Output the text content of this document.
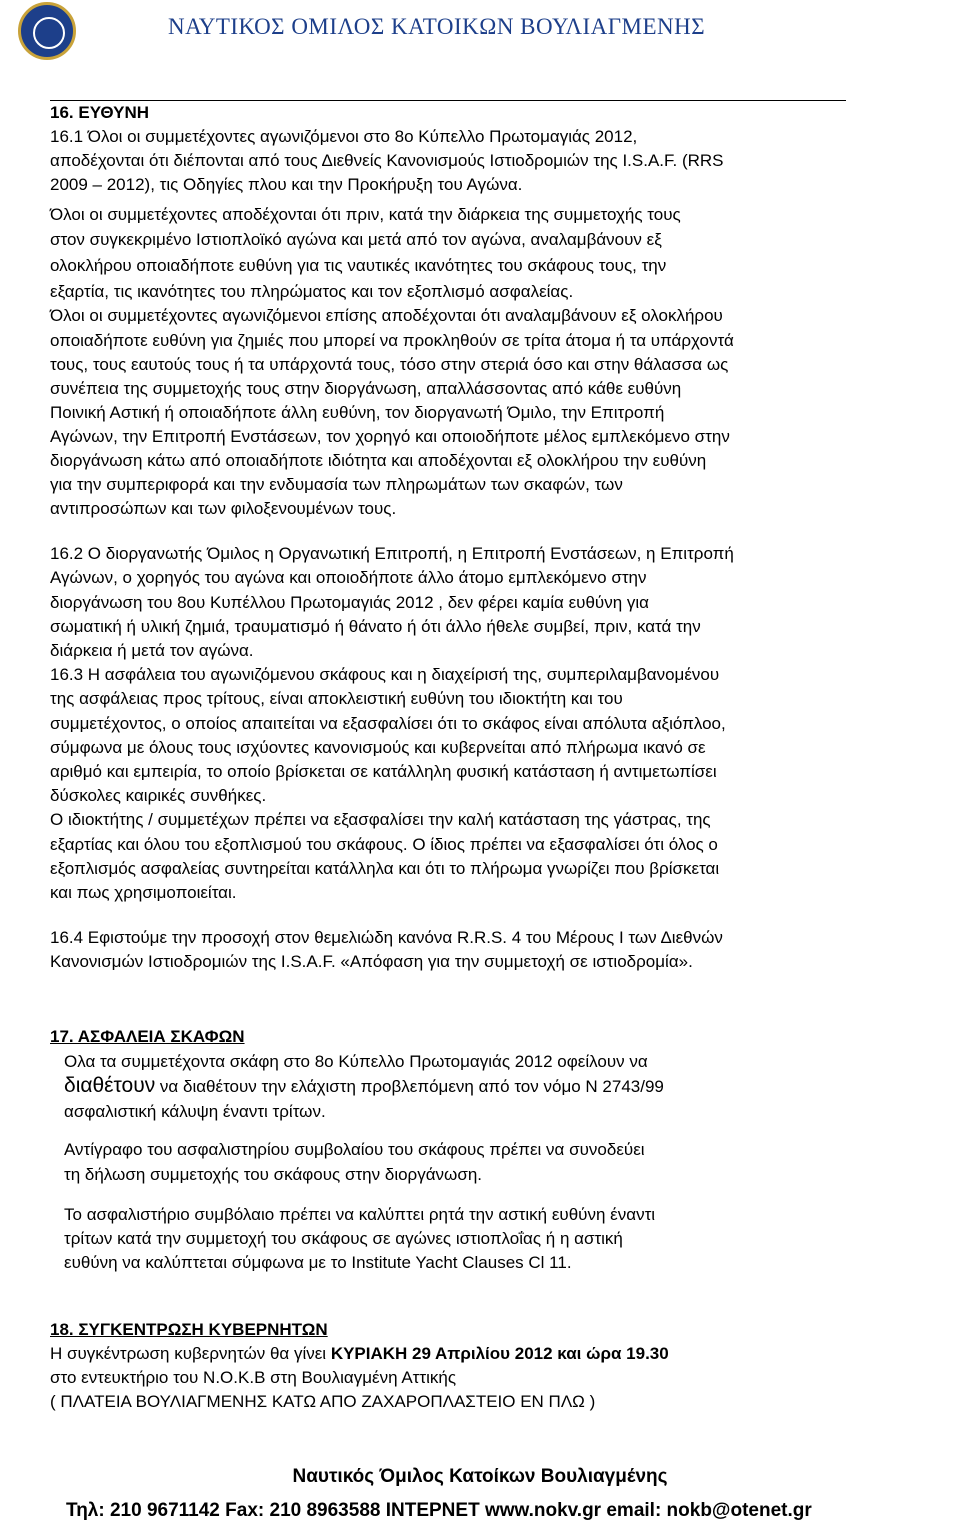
ΝΑΥΤΙΚΟΣ ΟΜΙΛΟΣ ΚΑΤΟΙΚΩΝ ΒΟΥΛΙΑΓΜΕΝΗΣ
16. ΕΥΘΥΝΗ
16.1 Όλοι οι συμμετέχοντες αγωνιζόμενοι στο 8ο Κύπελλο Πρωτομαγιάς 2012,
αποδέχονται ότι διέπονται από τους Διεθνείς Κανονισμούς Ιστιοδρομιών της I.S.A.F. (RRS
2009 – 2012), τις Οδηγίες πλου και την Προκήρυξη του Αγώνα.
Όλοι οι συμμετέχοντες αποδέχονται ότι πριν, κατά την διάρκεια της συμμετοχής τους
στον συγκεκριμένο Ιστιοπλοϊκό αγώνα και μετά από τον αγώνα, αναλαμβάνουν εξ
ολοκλήρου οποιαδήποτε ευθύνη για τις ναυτικές ικανότητες του σκάφους τους, την
εξαρτία, τις ικανότητες του πληρώματος και τον εξοπλισμό ασφαλείας.
Όλοι οι συμμετέχοντες αγωνιζόμενοι επίσης αποδέχονται ότι αναλαμβάνουν εξ ολοκλήρου
οποιαδήποτε ευθύνη για ζημιές που μπορεί να προκληθούν σε τρίτα άτομα ή τα υπάρχοντά
τους, τους εαυτούς τους ή τα υπάρχοντά τους, τόσο στην στεριά όσο και στην θάλασσα ως
συνέπεια της συμμετοχής τους στην διοργάνωση, απαλλάσσοντας από κάθε ευθύνη
Ποινική Αστική ή οποιαδήποτε άλλη ευθύνη, τον διοργανωτή Όμιλο, την Επιτροπή
Αγώνων, την Επιτροπή Ενστάσεων, τον χορηγό και οποιοδήποτε μέλος εμπλεκόμενο στην
διοργάνωση κάτω από οποιαδήποτε ιδιότητα και αποδέχονται εξ ολοκλήρου την ευθύνη
για την συμπεριφορά και την ενδυμασία των πληρωμάτων των σκαφών, των
αντιπροσώπων και των φιλοξενουμένων τους.
16.2 Ο διοργανωτής Όμιλος η Οργανωτική Επιτροπή, η Επιτροπή Ενστάσεων, η Επιτροπή
Αγώνων, ο χορηγός του αγώνα και οποιοδήποτε άλλο άτομο εμπλεκόμενο στην
διοργάνωση του 8ου Κυπέλλου Πρωτομαγιάς 2012 , δεν φέρει καμία ευθύνη για
σωματική ή υλική ζημιά, τραυματισμό ή θάνατο ή ότι άλλο ήθελε συμβεί, πριν, κατά την
διάρκεια ή μετά τον αγώνα.
16.3 Η ασφάλεια του αγωνιζόμενου σκάφους και η διαχείρισή της, συμπεριλαμβανομένου
της ασφάλειας προς τρίτους, είναι αποκλειστική ευθύνη του ιδιοκτήτη και του
συμμετέχοντος, ο οποίος απαιτείται να εξασφαλίσει ότι το σκάφος είναι απόλυτα αξιόπλοο,
σύμφωνα με όλους τους ισχύοντες κανονισμούς και κυβερνείται από πλήρωμα ικανό σε
αριθμό και εμπειρία, το οποίο βρίσκεται σε κατάλληλη φυσική κατάσταση ή αντιμετωπίσει
δύσκολες καιρικές συνθήκες.
Ο ιδιοκτήτης / συμμετέχων πρέπει να εξασφαλίσει την καλή κατάσταση της γάστρας, της
εξαρτίας και όλου του εξοπλισμού του σκάφους. Ο ίδιος πρέπει να εξασφαλίσει ότι όλος ο
εξοπλισμός ασφαλείας συντηρείται κατάλληλα και ότι το πλήρωμα γνωρίζει που βρίσκεται
και πως χρησιμοποιείται.
16.4 Εφιστούμε την προσοχή στον θεμελιώδη κανόνα R.R.S. 4 του Μέρους Ι των Διεθνών
Κανονισμών Ιστιοδρομιών της I.S.A.F. «Απόφαση για την συμμετοχή σε ιστιοδρομία».
17. ΑΣΦΑΛΕΙΑ ΣΚΑΦΩΝ
Ολα τα συμμετέχοντα σκάφη στο 8ο Κύπελλο Πρωτομαγιάς 2012 οφείλουν να
διαθέτουν να διαθέτουν την ελάχιστη προβλεπόμενη από τον νόμο Ν 2743/99
ασφαλιστική κάλυψη έναντι τρίτων.
Αντίγραφο του ασφαλιστηρίου συμβολαίου του σκάφους πρέπει να συνοδεύει
τη δήλωση συμμετοχής του σκάφους στην διοργάνωση.
Το ασφαλιστήριο συμβόλαιο πρέπει να καλύπτει ρητά την αστική ευθύνη έναντι
τρίτων κατά την συμμετοχή του σκάφους σε αγώνες ιστιοπλοΐας ή η αστική
ευθύνη να καλύπτεται σύμφωνα με το Institute Yacht Clauses Cl 11.
18. ΣΥΓΚΕΝΤΡΩΣΗ ΚΥΒΕΡΝΗΤΩΝ
Η συγκέντρωση κυβερνητών θα γίνει ΚΥΡΙΑΚΗ 29 Απριλίου 2012 και ώρα 19.30
στο εντευκτήριο του Ν.Ο.Κ.Β στη Βουλιαγμένη Αττικής
( ΠΛΑΤΕΙΑ ΒΟΥΛΙΑΓΜΕΝΗΣ ΚΑΤΩ ΑΠΟ ΖΑΧΑΡΟΠΛΑΣΤΕΙΟ ΕΝ ΠΛΩ )
Ναυτικός Όμιλος Κατοίκων Βουλιαγμένης
Τηλ: 210 9671142 Fax: 210 8963588 ΙΝΤΕΡΝΕΤ www.nokv.gr email: nokb@otenet.gr
